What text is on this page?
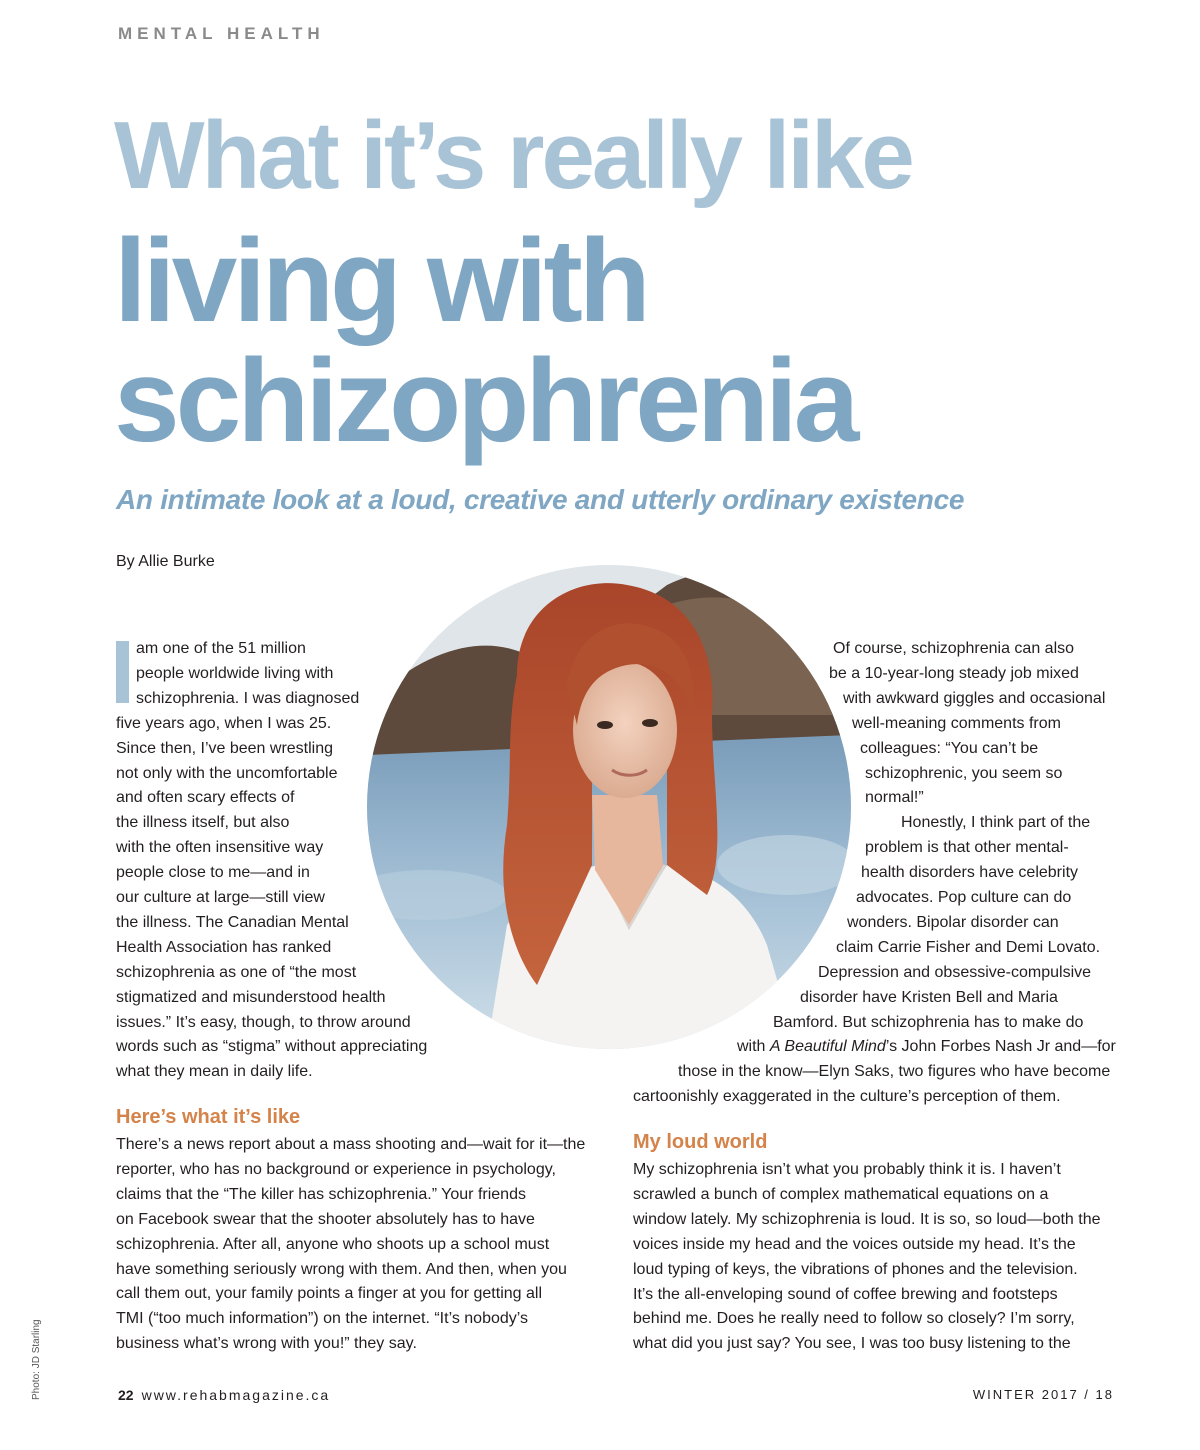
MENTAL HEALTH
What it’s really like
living with
schizophrenia
An intimate look at a loud, creative and utterly ordinary existence
By Allie Burke
am one of the 51 million
people worldwide living with
schizophrenia. I was diagnosed
five years ago, when I was 25.
Since then, I’ve been wrestling
not only with the uncomfortable
and often scary effects of
the illness itself, but also
with the often insensitive way
people close to me—and in
our culture at large—still view
the illness. The Canadian Mental
Health Association has ranked
schizophrenia as one of “the most
stigmatized and misunderstood health
issues.” It’s easy, though, to throw around
words such as “stigma” without appreciating
what they mean in daily life.
There’s a news report about a mass shooting and—wait for it—the
reporter, who has no background or experience in psychology,
claims that the “The killer has schizophrenia.” Your friends
on Facebook swear that the shooter absolutely has to have
schizophrenia. After all, anyone who shoots up a school must
have something seriously wrong with them. And then, when you
call them out, your family points a finger at you for getting all
TMI (“too much information”) on the internet. “It’s nobody’s
business what’s wrong with you!” they say.
Here’s what it’s like
Of course, schizophrenia can also
be a 10-year-long steady job mixed
with awkward giggles and occasional
well-meaning comments from
colleagues: “You can’t be
schizophrenic, you seem so
normal!”
Honestly, I think part of the
problem is that other mental-
health disorders have celebrity
advocates. Pop culture can do
wonders. Bipolar disorder can
claim Carrie Fisher and Demi Lovato.
Depression and obsessive-compulsive
disorder have Kristen Bell and Maria
Bamford. But schizophrenia has to make do
with A Beautiful Mind’s John Forbes Nash Jr and—for
those in the know—Elyn Saks, two figures who have become
cartoonishly exaggerated in the culture’s perception of them.
My schizophrenia isn’t what you probably think it is. I haven’t
scrawled a bunch of complex mathematical equations on a
window lately. My schizophrenia is loud. It is so, so loud—both the
voices inside my head and the voices outside my head. It’s the
loud typing of keys, the vibrations of phones and the television.
It’s the all-enveloping sound of coffee brewing and footsteps
behind me. Does he really need to follow so closely? I’m sorry,
what did you just say? You see, I was too busy listening to the
My loud world
Photo: JD Starling	22 www.rehabmagazine.ca	WINTER 2017 / 18
